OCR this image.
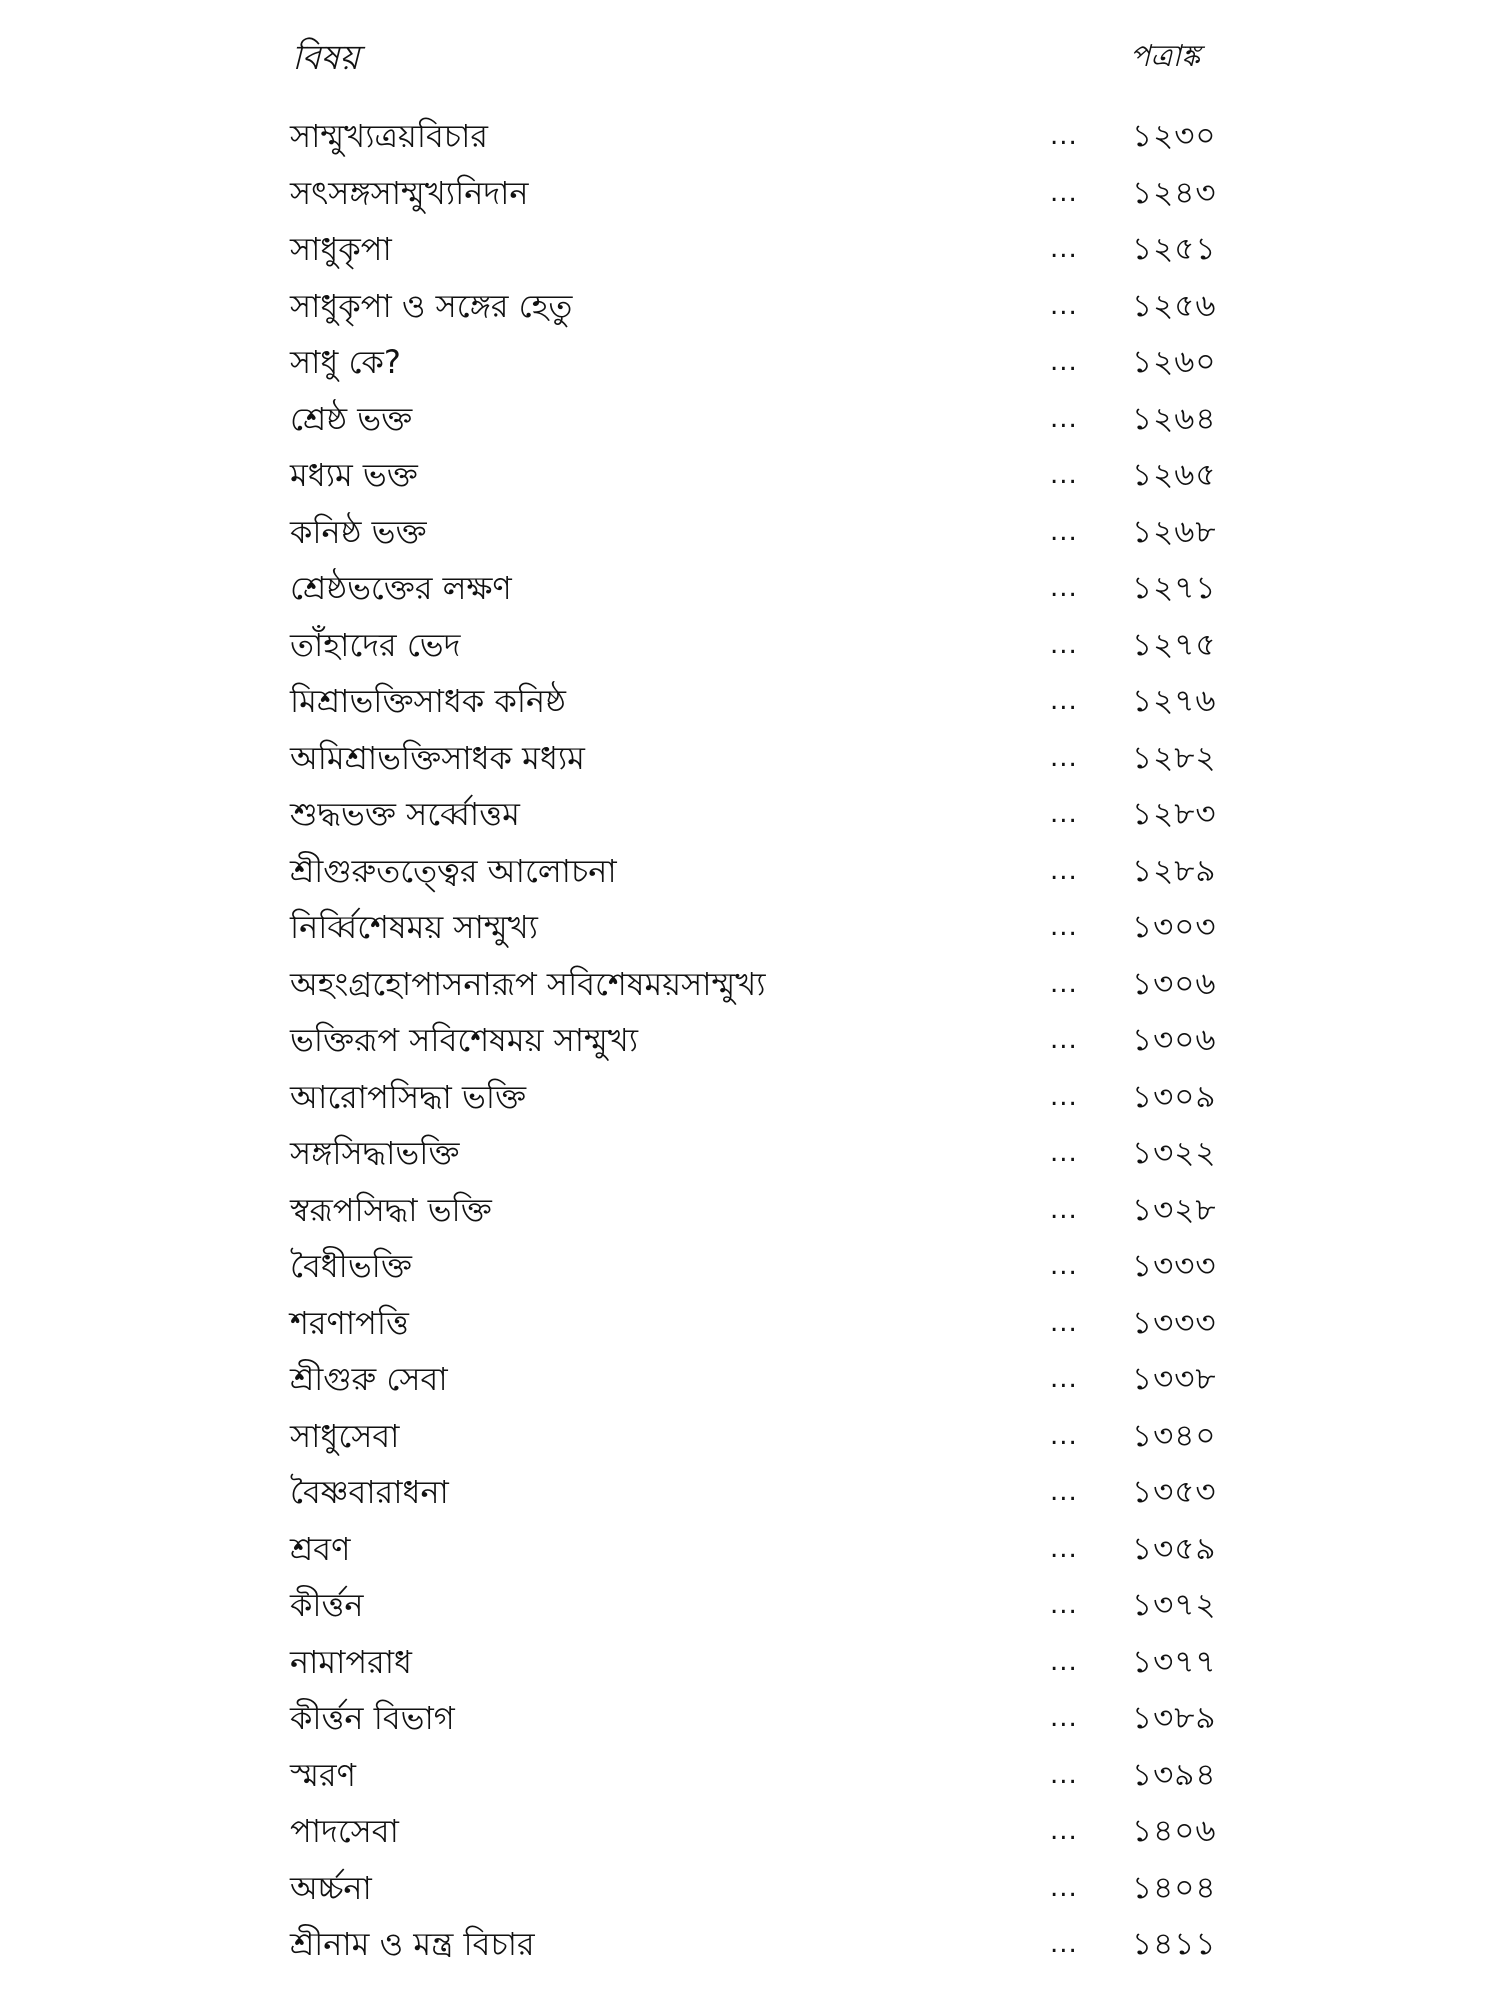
বিষয়	পত্রাঙ্ক
সাম্মুখ্যত্রয়বিচার	... ১২৩০
সৎসঙ্গসাম্মুখ্যনিদান	... ১২৪৩
সাধুকৃপা	... ১২৫১
সাধুকৃপা ও সঙ্গের হেতু	... ১২৫৬
সাধু কে?	... ১২৬০
শ্রেষ্ঠ ভক্ত	... ১২৬৪
মধ্যম ভক্ত	... ১২৬৫
কনিষ্ঠ ভক্ত	... ১২৬৮
শ্রেষ্ঠভক্তের লক্ষণ	... ১২৭১
তাঁহাদের ভেদ	... ১২৭৫
মিশ্রাভক্তিসাধক কনিষ্ঠ	... ১২৭৬
অমিশ্রাভক্তিসাধক মধ্যম	... ১২৮২
শুদ্ধভক্ত সর্ব্বোত্তম	... ১২৮৩
শ্রীগুরুতত্ত্বের আলোচনা	... ১২৮৯
নির্ব্বিশেষময় সাম্মুখ্য	... ১৩০৩
অহংগ্রহোপাসনারূপ সবিশেষময়সাম্মুখ্য	... ১৩০৬
ভক্তিরূপ সবিশেষময় সাম্মুখ্য	... ১৩০৬
আরোপসিদ্ধা ভক্তি	... ১৩০৯
সঙ্গসিদ্ধাভক্তি	... ১৩২২
স্বরূপসিদ্ধা ভক্তি	... ১৩২৮
বৈধীভক্তি	... ১৩৩৩
শরণাপত্তি	... ১৩৩৩
শ্রীগুরু সেবা	... ১৩৩৮
সাধুসেবা	... ১৩৪০
বৈষ্ণবারাধনা	... ১৩৫৩
শ্রবণ	... ১৩৫৯
কীর্ত্তন	... ১৩৭২
নামাপরাধ	... ১৩৭৭
কীর্ত্তন বিভাগ	... ১৩৮৯
স্মরণ	... ১৩৯৪
পাদসেবা	... ১৪০৬
অর্চ্চনা	... ১৪০৪
শ্রীনাম ও মন্ত্র বিচার	... ১৪১১
